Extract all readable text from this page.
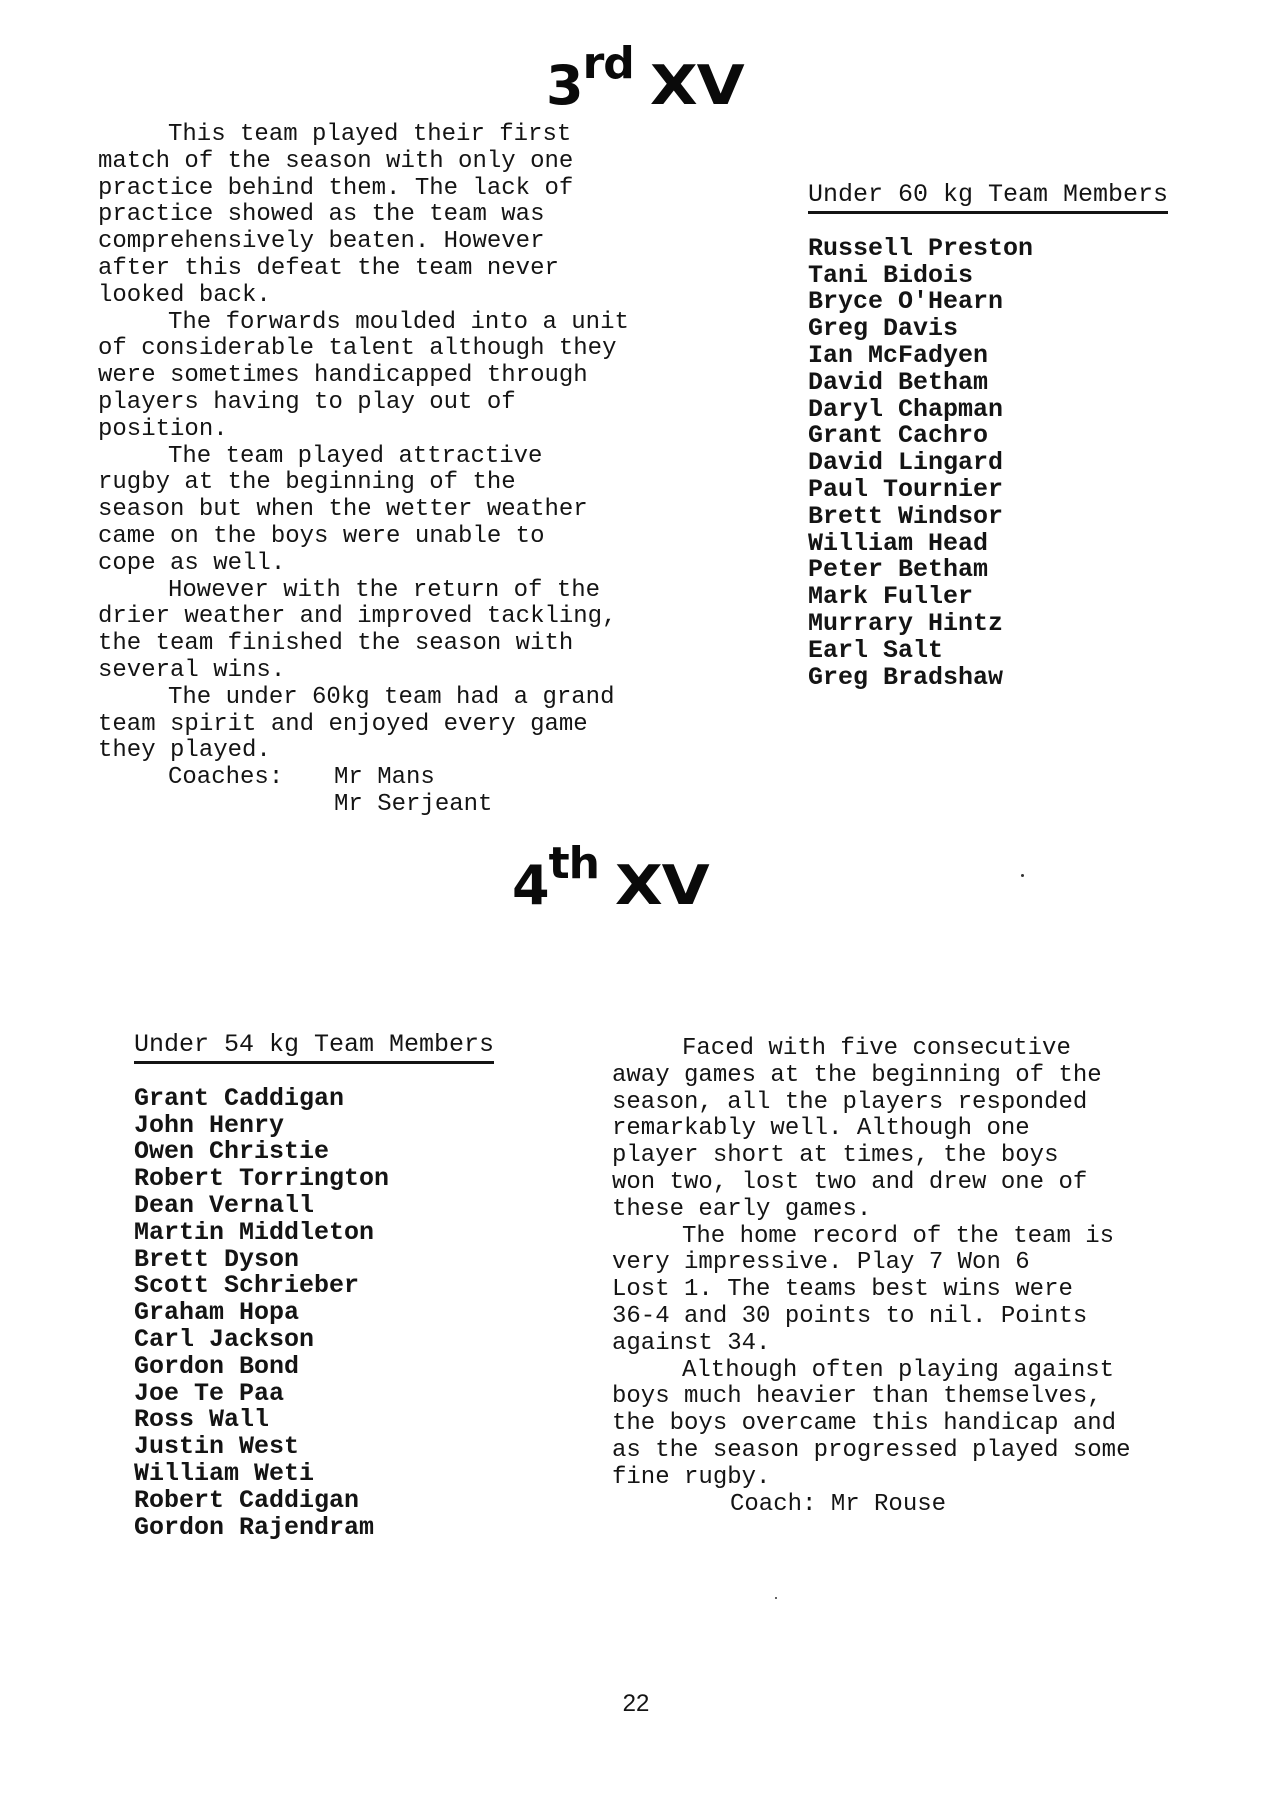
3rd XV

This team played their first
match of the season with only one
practice behind them. The lack of
practice showed as the team was
comprehensively beaten. However
after this defeat the team never
looked back.

The forwards moulded into a unit
of considerable talent although they
were sometimes handicapped through
players having to play out of
position.

The team played attractive
rugby at the beginning of the
season but when the wetter weather
came on the boys were unable to
cope as well.

However with the return of the
drier weather and improved tackling,
the team finished the season with
several wins.

The under 60kg team had a grand
team spirit and enjoyed every game
they played.

Coaches:	Mr Mans
Mr Serjeant
Under 60 kg Team Members
Russell Preston
Tani Bidois
Bryce O'Hearn
Greg Davis
Ian McFadyen
David Betham
Daryl Chapman
Grant Cachro
David Lingard
Paul Tournier
Brett Windsor
William Head
Peter Betham
Mark Fuller
Murrary Hintz
Earl Salt
Greg Bradshaw
4th XV
Under 54 kg Team Members
Grant Caddigan
John Henry
Owen Christie
Robert Torrington
Dean Vernall
Martin Middleton
Brett Dyson
Scott Schrieber
Graham Hopa
Carl Jackson
Gordon Bond
Joe Te Paa
Ross Wall
Justin West
William Weti
Robert Caddigan
Gordon Rajendram

Faced with five consecutive
away games at the beginning of the
season, all the players responded
remarkably well. Although one
player short at times, the boys
won two, lost two and drew one of
these early games.

The home record of the team is
very impressive. Play 7 Won 6
Lost 1. The teams best wins were
36-4 and 30 points to nil. Points
against 34.

Although often playing against
boys much heavier than themselves,
the boys overcame this handicap and
as the season progressed played some
fine rugby.

Coach: Mr Rouse
22
